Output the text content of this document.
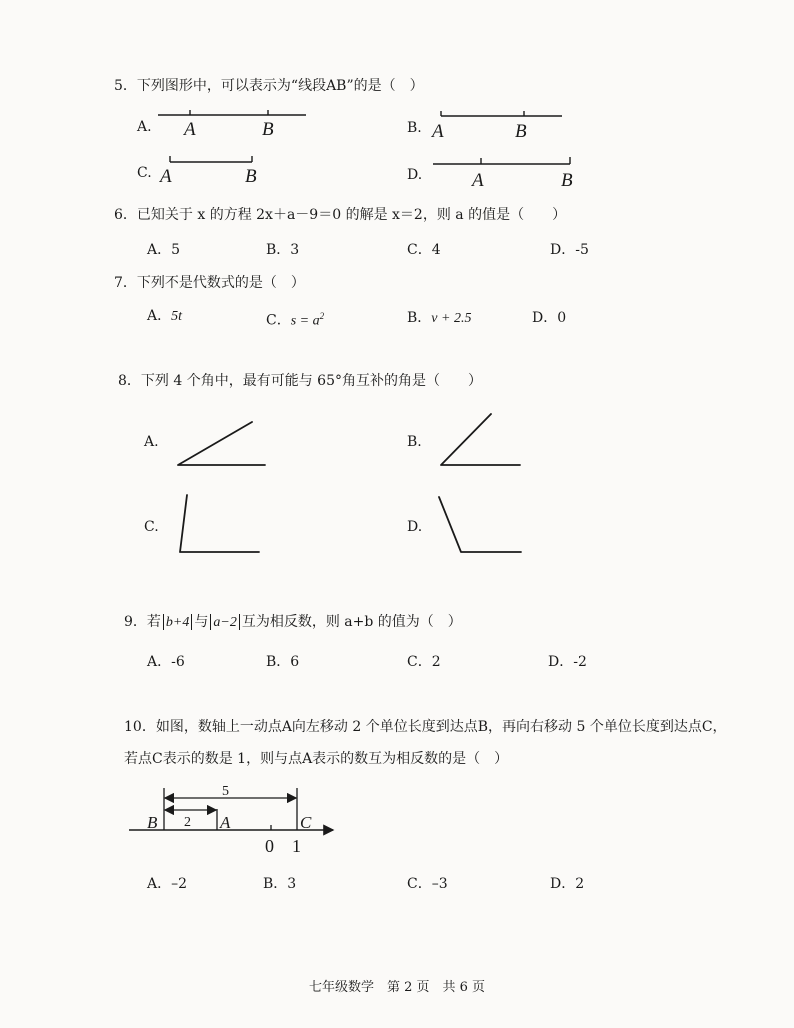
5．下列图形中，可以表示为“线段AB”的是（　）
A.	B.
C.	D.
A	B	A	B
A	B	A	B
6．已知关于 x 的方程 2x＋a－9＝0 的解是 x＝2，则 a 的值是（　　）
A．5	B．3	C．4	D．-5
7．下列不是代数式的是（　）
A．5t	C．$s = a^2$	B．v + 2.5	D．0
8．下列 4 个角中，最有可能与 65°角互补的角是（　　）
A.	B.
C.	D.
9．若 b+4 与 a−2 互为相反数，则 a+b 的值为（　）
A．-6	B．6	C．2	D．-2
10．如图，数轴上一动点A向左移动 2 个单位长度到达点B，再向右移动 5 个单位长度到达点C，
若点C表示的数是 1，则与点A表示的数互为相反数的是（　）
5
2
B	A	C
0 1
A．–2	B．3	C．–3	D．2
七年级数学　第 2 页　共 6 页
